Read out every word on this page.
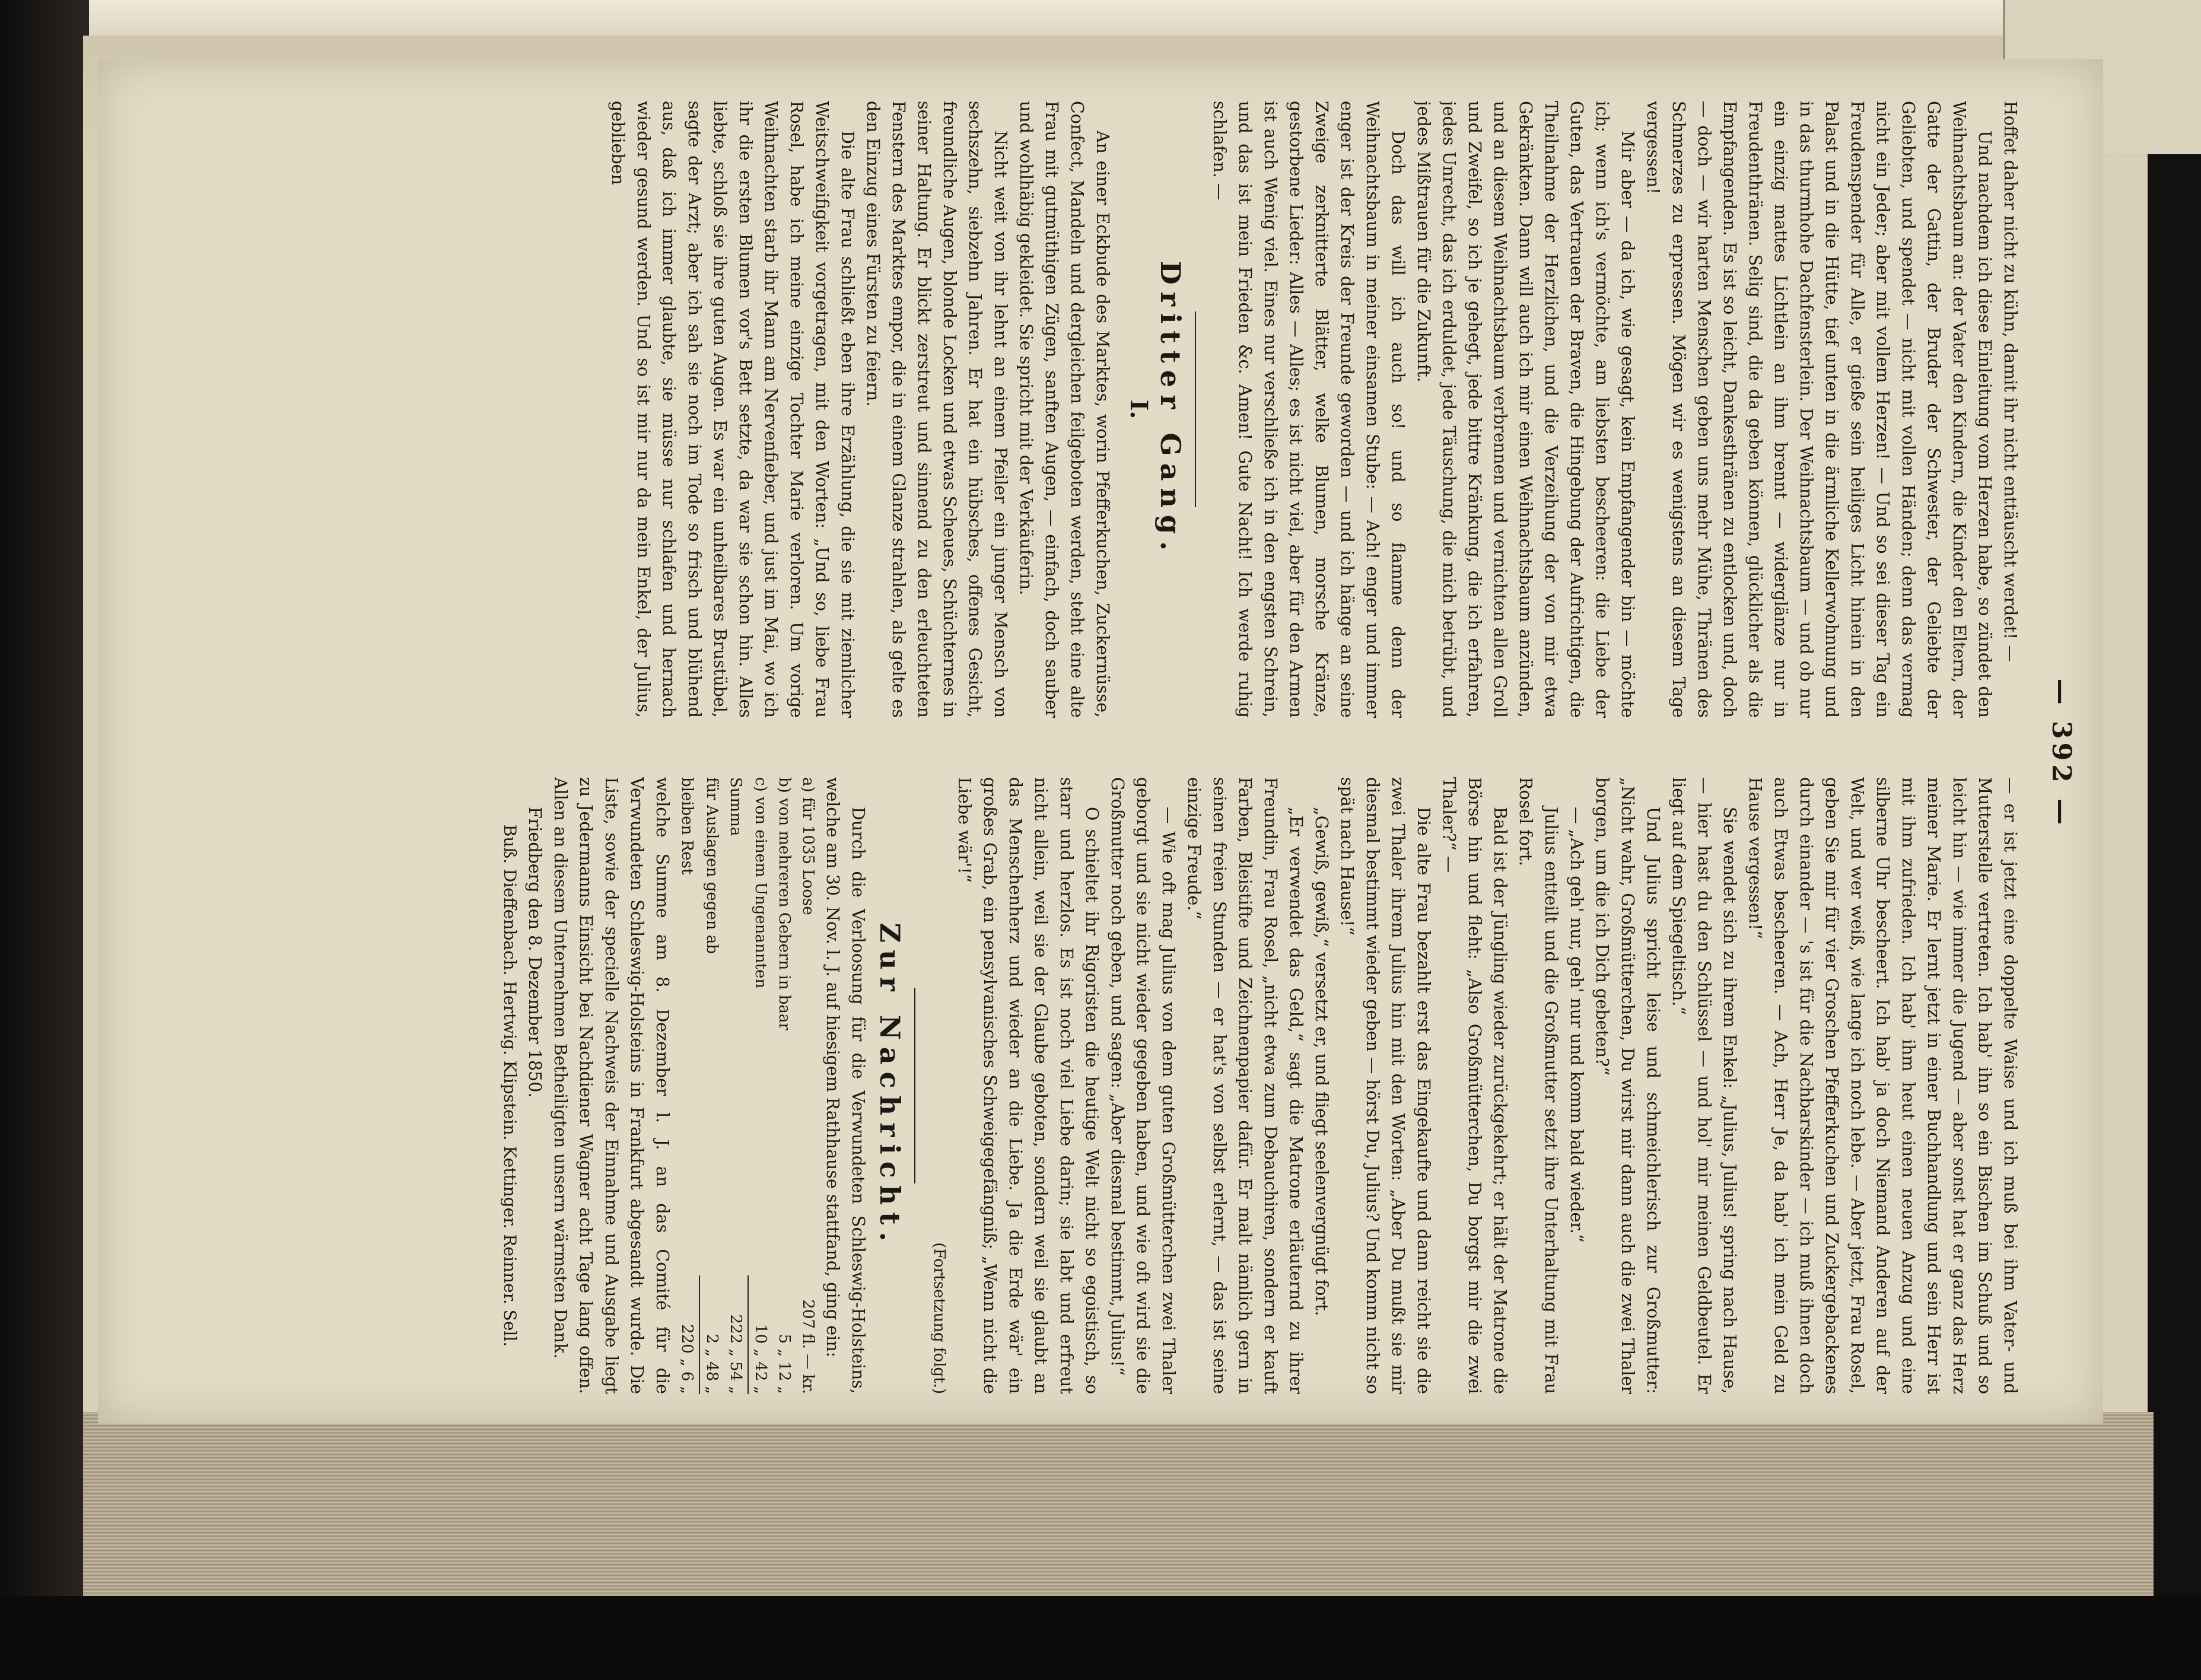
— 392 —

Hoffet daher nicht zu kühn, damit ihr nicht enttäuscht werdet! —

Und nachdem ich diese Einleitung vom Herzen habe, so zündet den Weihnachtsbaum an: der Vater den Kindern, die Kinder den Eltern, der Gatte der Gattin, der Bruder der Schwester, der Geliebte der Geliebten, und spendet — nicht mit vollen Händen; denn das vermag nicht ein Jeder; aber mit vollem Herzen! — Und so sei dieser Tag ein Freudenspender für Alle, er gieße sein heiliges Licht hinein in den Palast und in die Hütte, tief unten in die ärmliche Kellerwohnung und in das thurmhohe Dachfensterlein. Der Weihnachtsbaum — und ob nur ein einzig mattes Lichtlein an ihm brennt — widerglänze nur in Freudenthränen. Selig sind, die da geben können, glücklicher als die Empfangenden. Es ist so leicht, Dankesthränen zu entlocken und, doch — doch — wir harten Menschen geben uns mehr Mühe, Thränen des Schmerzes zu erpressen. Mögen wir es wenigstens an diesem Tage vergessen!

Mir aber — da ich, wie gesagt, kein Empfangender bin — möchte ich; wenn ich's vermöchte, am liebsten bescheeren: die Liebe der Guten, das Vertrauen der Braven, die Hingebung der Aufrichtigen, die Theilnahme der Herzlichen, und die Verzeihung der von mir etwa Gekränkten. Dann will auch ich mir einen Weihnachtsbaum anzünden, und an diesem Weihnachtsbaum verbrennen und vernichten allen Groll und Zweifel, so ich je gehegt, jede bittre Kränkung, die ich erfahren, jedes Unrecht, das ich erduldet, jede Täuschung, die mich betrübt, und jedes Mißtrauen für die Zukunft.

Doch das will ich auch so! und so flamme denn der Weihnachtsbaum in meiner einsamen Stube: — Ach! enger und immer enger ist der Kreis der Freunde geworden — und ich hänge an seine Zweige zerknitterte Blätter, welke Blumen, morsche Kränze, gestorbene Lieder: Alles — Alles; es ist nicht viel, aber für den Armen ist auch Wenig viel. Eines nur verschließe ich in den engsten Schrein, und das ist mein Frieden &c. Amen! Gute Nacht! Ich werde ruhig schlafen. —

Dritter Gang.
I.

An einer Eckbude des Marktes, worin Pfefferkuchen, Zuckernüsse, Confect, Mandeln und dergleichen feilgeboten werden, steht eine alte Frau mit gutmüthigen Zügen, sanften Augen, — einfach, doch sauber und wohlhäbig gekleidet. Sie spricht mit der Verkäuferin.

Nicht weit von ihr lehnt an einem Pfeiler ein junger Mensch von sechszehn, siebzehn Jahren. Er hat ein hübsches, offenes Gesicht, freundliche Augen, blonde Locken und etwas Scheues, Schüchternes in seiner Haltung. Er blickt zerstreut und sinnend zu den erleuchteten Fenstern des Marktes empor, die in einem Glanze strahlen, als gelte es den Einzug eines Fürsten zu feiern.

Die alte Frau schließt eben ihre Erzählung, die sie mit ziemlicher Weitschweifigkeit vorgetragen, mit den Worten: „Und so, liebe Frau Rosel, habe ich meine einzige Tochter Marie verloren. Um vorige Weihnachten starb ihr Mann am Nervenfieber, und just im Mai, wo ich ihr die ersten Blumen vor's Bett setzte, da war sie schon hin. Alles liebte, schloß sie ihre guten Augen. Es war ein unheilbares Brustübel, sagte der Arzt; aber ich sah sie noch im Tode so frisch und blühend aus, daß ich immer glaubte, sie müsse nur schlafen und hernach wieder gesund werden. Und so ist mir nur da mein Enkel, der Julius, geblieben

— er ist jetzt eine doppelte Waise und ich muß bei ihm Vater- und Mutterstelle vertreten. Ich hab' ihn so ein Bischen im Schuß und so leicht hin — wie immer die Jugend — aber sonst hat er ganz das Herz meiner Marie. Er lernt jetzt in einer Buchhandlung und sein Herr ist mit ihm zufrieden. Ich hab' ihm heut einen neuen Anzug und eine silberne Uhr bescheert. Ich hab' ja doch Niemand Anderen auf der Welt, und wer weiß, wie lange ich noch lebe. — Aber jetzt, Frau Rosel, geben Sie mir für vier Groschen Pfefferkuchen und Zuckergebackenes durch einander — 's ist für die Nachbarskinder — ich muß ihnen doch auch Etwas bescheeren. — Ach, Herr Je, da hab' ich mein Geld zu Hause vergessen!“

Sie wendet sich zu ihrem Enkel: „Julius, Julius! spring nach Hause, — hier hast du den Schlüssel — und hol' mir meinen Geldbeutel. Er liegt auf dem Spiegeltisch.“

Und Julius spricht leise und schmeichlerisch zur Großmutter: „Nicht wahr, Großmütterchen, Du wirst mir dann auch die zwei Thaler borgen, um die ich Dich gebeten?“

— „Ach geh' nur, geh' nur und komm bald wieder.“

Julius entteilt und die Großmutter setzt ihre Unterhaltung mit Frau Rosel fort.

Bald ist der Jüngling wieder zurückgekehrt; er hält der Matrone die Börse hin und fleht: „Also Großmütterchen, Du borgst mir die zwei Thaler?“ —

Die alte Frau bezahlt erst das Eingekaufte und dann reicht sie die zwei Thaler ihrem Julius hin mit den Worten: „Aber Du mußt sie mir diesmal bestimmt wieder geben — hörst Du, Julius? Und komm nicht so spät nach Hause!“

„Gewiß, gewiß,“ versetzt er, und fliegt seelenvergnügt fort.

„Er verwendet das Geld,“ sagt die Matrone erläuternd zu ihrer Freundin, Frau Rosel, „nicht etwa zum Debauchiren, sondern er kauft Farben, Bleistifte und Zeichnenpapier dafür. Er malt nämlich gern in seinen freien Stunden — er hat's von selbst erlernt, — das ist seine einzige Freude.“

— Wie oft mag Julius von dem guten Großmütterchen zwei Thaler geborgt und sie nicht wieder gegeben haben, und wie oft wird sie die Großmutter noch geben, und sagen: „Aber diesmal bestimmt, Julius!“

O schieltet ihr Rigoristen die heutige Welt nicht so egoistisch, so starr und herzlos. Es ist noch viel Liebe darin; sie labt und erfreut nicht allein, weil sie der Glaube geboten, sondern weil sie glaubt an das Menschenherz und wieder an die Liebe. Ja die Erde wär' ein großes Grab, ein pensylvanisches Schweigegefängniß; „Wenn nicht die Liebe wär'!“

(Fortsetzung folgt.)
Zur Nachricht.

Durch die Verloosung für die Verwundeten Schleswig-Holsteins, welche am 30. Nov. l. J. auf hiesigem Rathhause stattfand, ging ein:

a) für 1035 Loose
207 fl. — kr.
b) von mehreren Gebern in baar
5 „ 12 „
c) von einem Ungenannten
10 „ 42 „
Summa
222 „ 54 „
für Auslagen gegen ab
2 „ 48 „
bleiben Rest
220 „ 6 „

welche Summe am 8. Dezember l. J. an das Comité für die Verwundeten Schleswig-Holsteins in Frankfurt abgesandt wurde. Die Liste, sowie der specielle Nachweis der Einnahme und Ausgabe liegt zu Jedermanns Einsicht bei Nachdiener Wagner acht Tage lang offen. Allen an diesem Unternehmen Betheiligten unsern wärmsten Dank.

Friedberg den 8. Dezember 1850.

Buß. Dieffenbach. Hertwig. Klipstein. Kettinger. Reinner. Sell.
